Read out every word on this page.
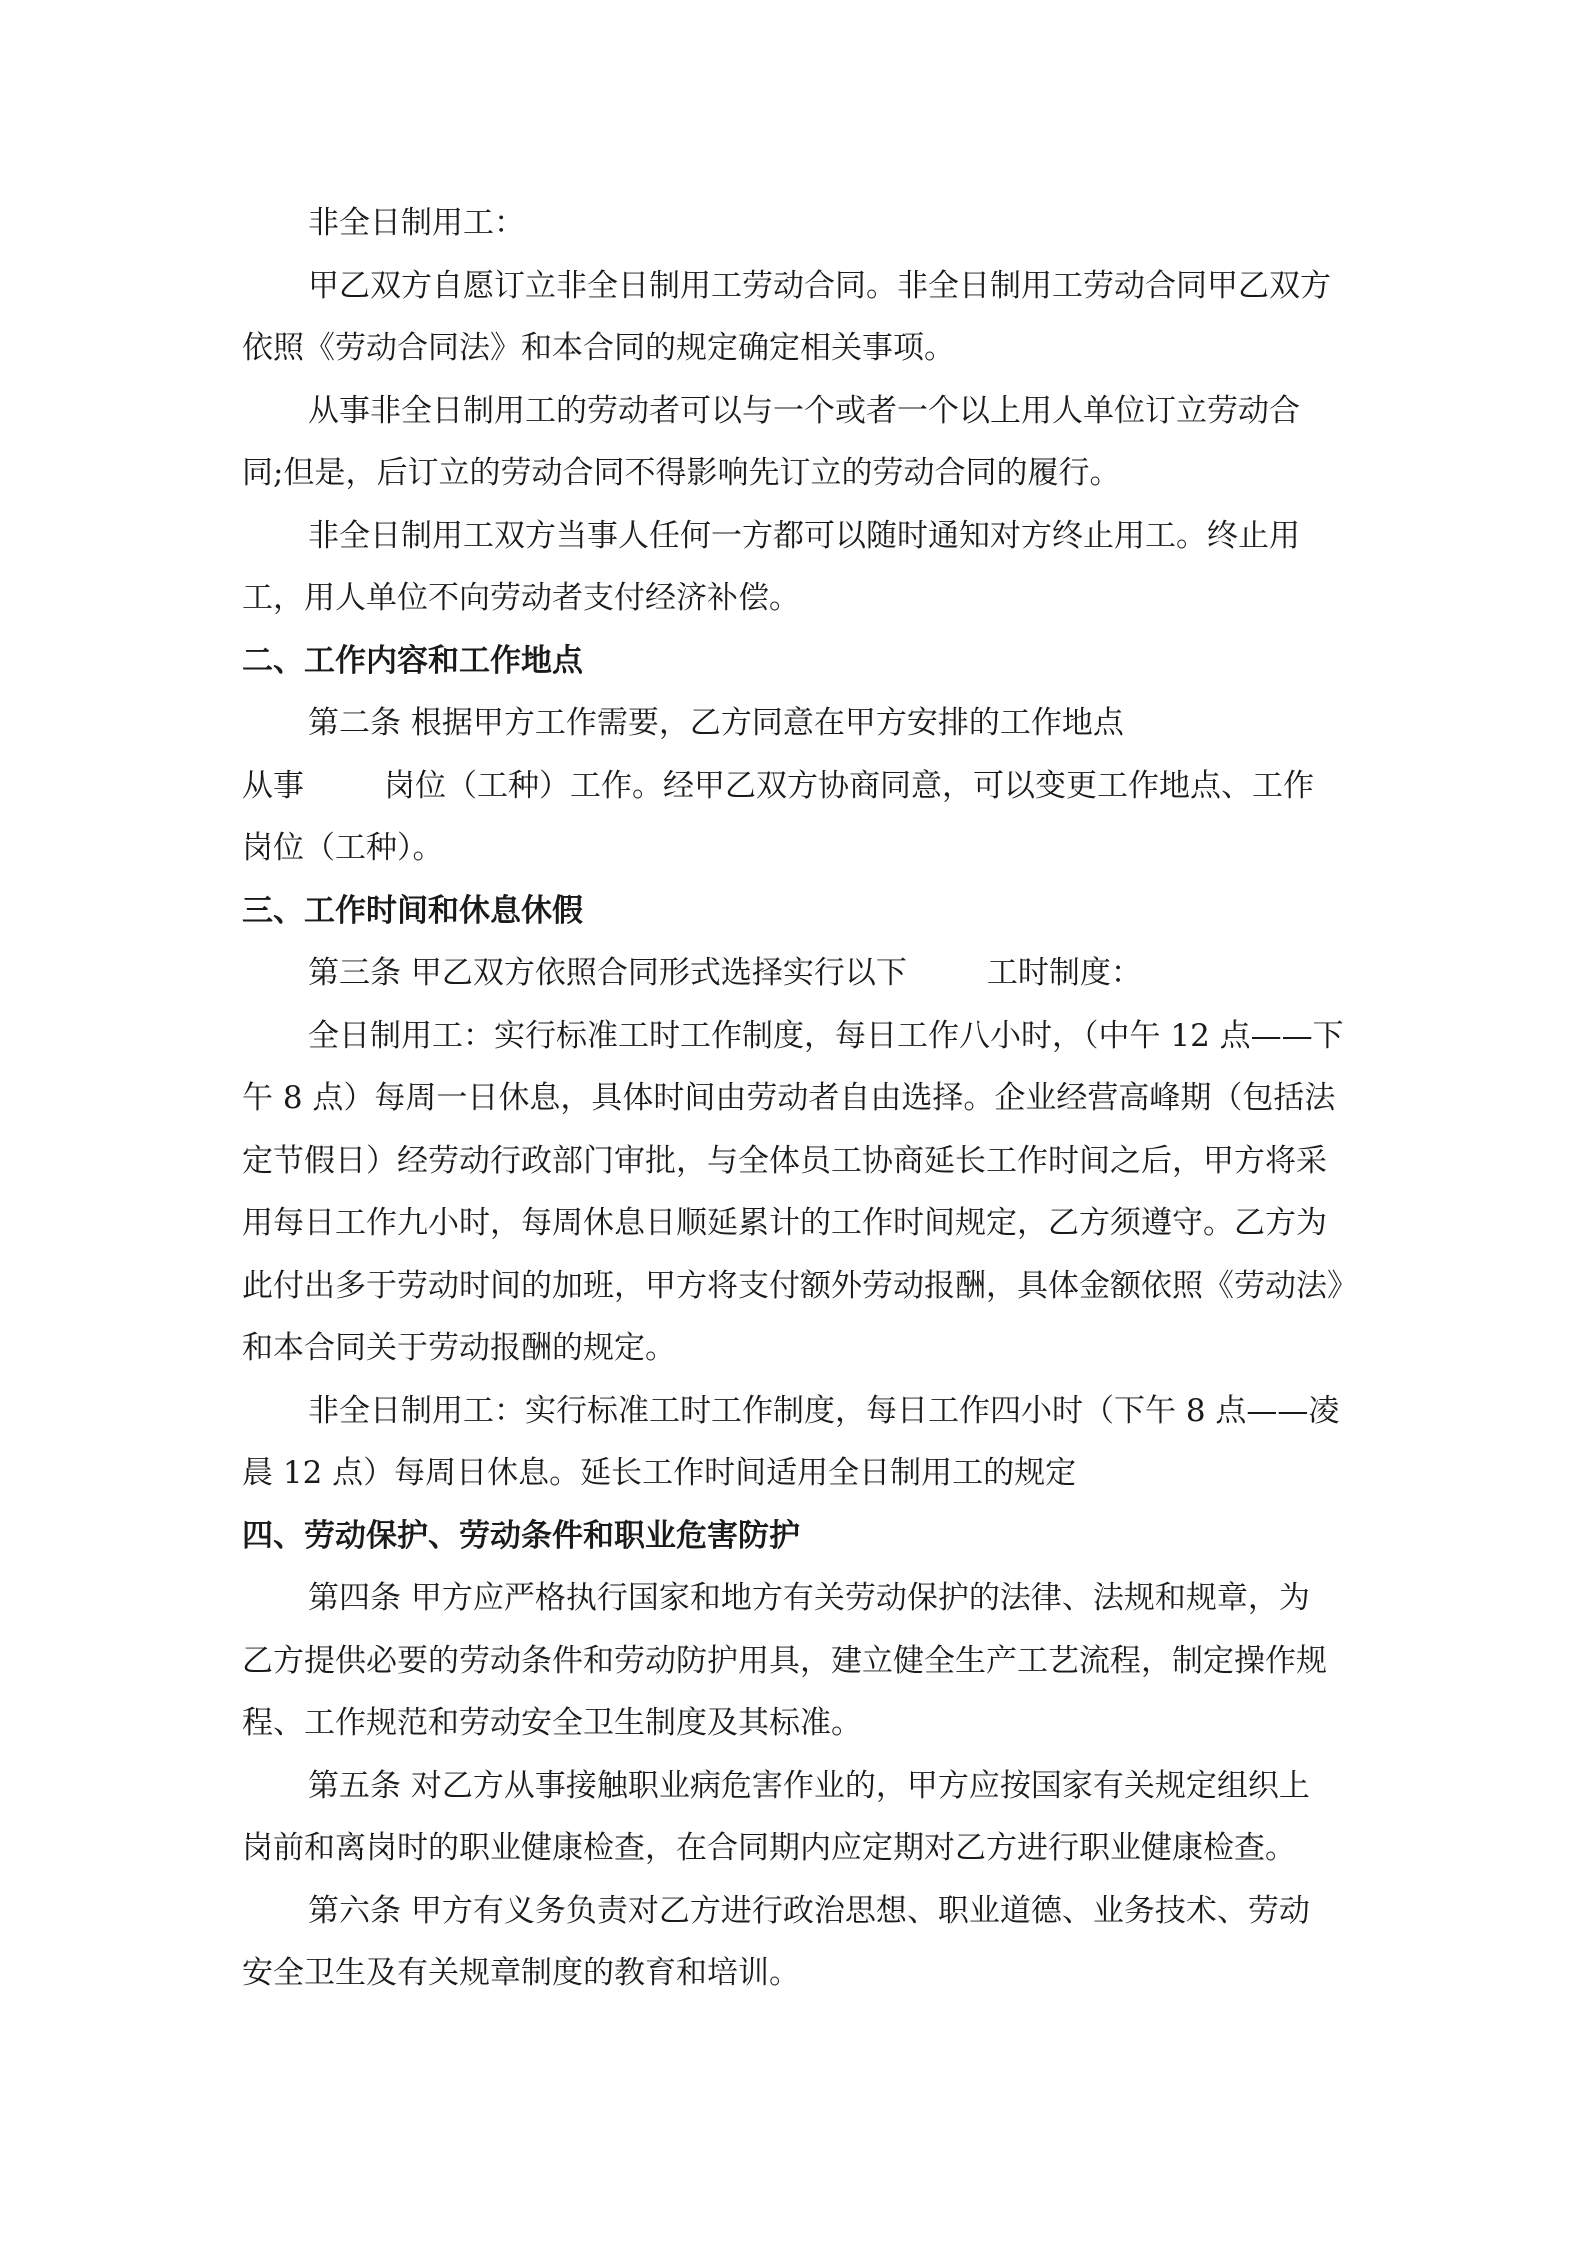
非全日制用工：

甲乙双方自愿订立非全日制用工劳动合同。非全日制用工劳动合同甲乙双方

依照《劳动合同法》和本合同的规定确定相关事项。

从事非全日制用工的劳动者可以与一个或者一个以上用人单位订立劳动合

同;但是，后订立的劳动合同不得影响先订立的劳动合同的履行。

非全日制用工双方当事人任何一方都可以随时通知对方终止用工。终止用

工，用人单位不向劳动者支付经济补偿。

二、工作内容和工作地点

第二条 根据甲方工作需要，乙方同意在甲方安排的工作地点

从事	岗位（工种）工作。经甲乙双方协商同意，可以变更工作地点、工作

岗位（工种）。

三、工作时间和休息休假

第三条 甲乙双方依照合同形式选择实行以下	工时制度：

全日制用工：实行标准工时工作制度，每日工作八小时，（中午 12 点——下

午 8 点）每周一日休息，具体时间由劳动者自由选择。企业经营高峰期（包括法

定节假日）经劳动行政部门审批，与全体员工协商延长工作时间之后，甲方将采

用每日工作九小时，每周休息日顺延累计的工作时间规定，乙方须遵守。乙方为

此付出多于劳动时间的加班，甲方将支付额外劳动报酬，具体金额依照《劳动法》

和本合同关于劳动报酬的规定。

非全日制用工：实行标准工时工作制度，每日工作四小时（下午 8 点——凌

晨 12 点）每周日休息。延长工作时间适用全日制用工的规定

四、劳动保护、劳动条件和职业危害防护

第四条 甲方应严格执行国家和地方有关劳动保护的法律、法规和规章，为

乙方提供必要的劳动条件和劳动防护用具，建立健全生产工艺流程，制定操作规

程、工作规范和劳动安全卫生制度及其标准。

第五条 对乙方从事接触职业病危害作业的，甲方应按国家有关规定组织上

岗前和离岗时的职业健康检查，在合同期内应定期对乙方进行职业健康检查。

第六条 甲方有义务负责对乙方进行政治思想、职业道德、业务技术、劳动

安全卫生及有关规章制度的教育和培训。
